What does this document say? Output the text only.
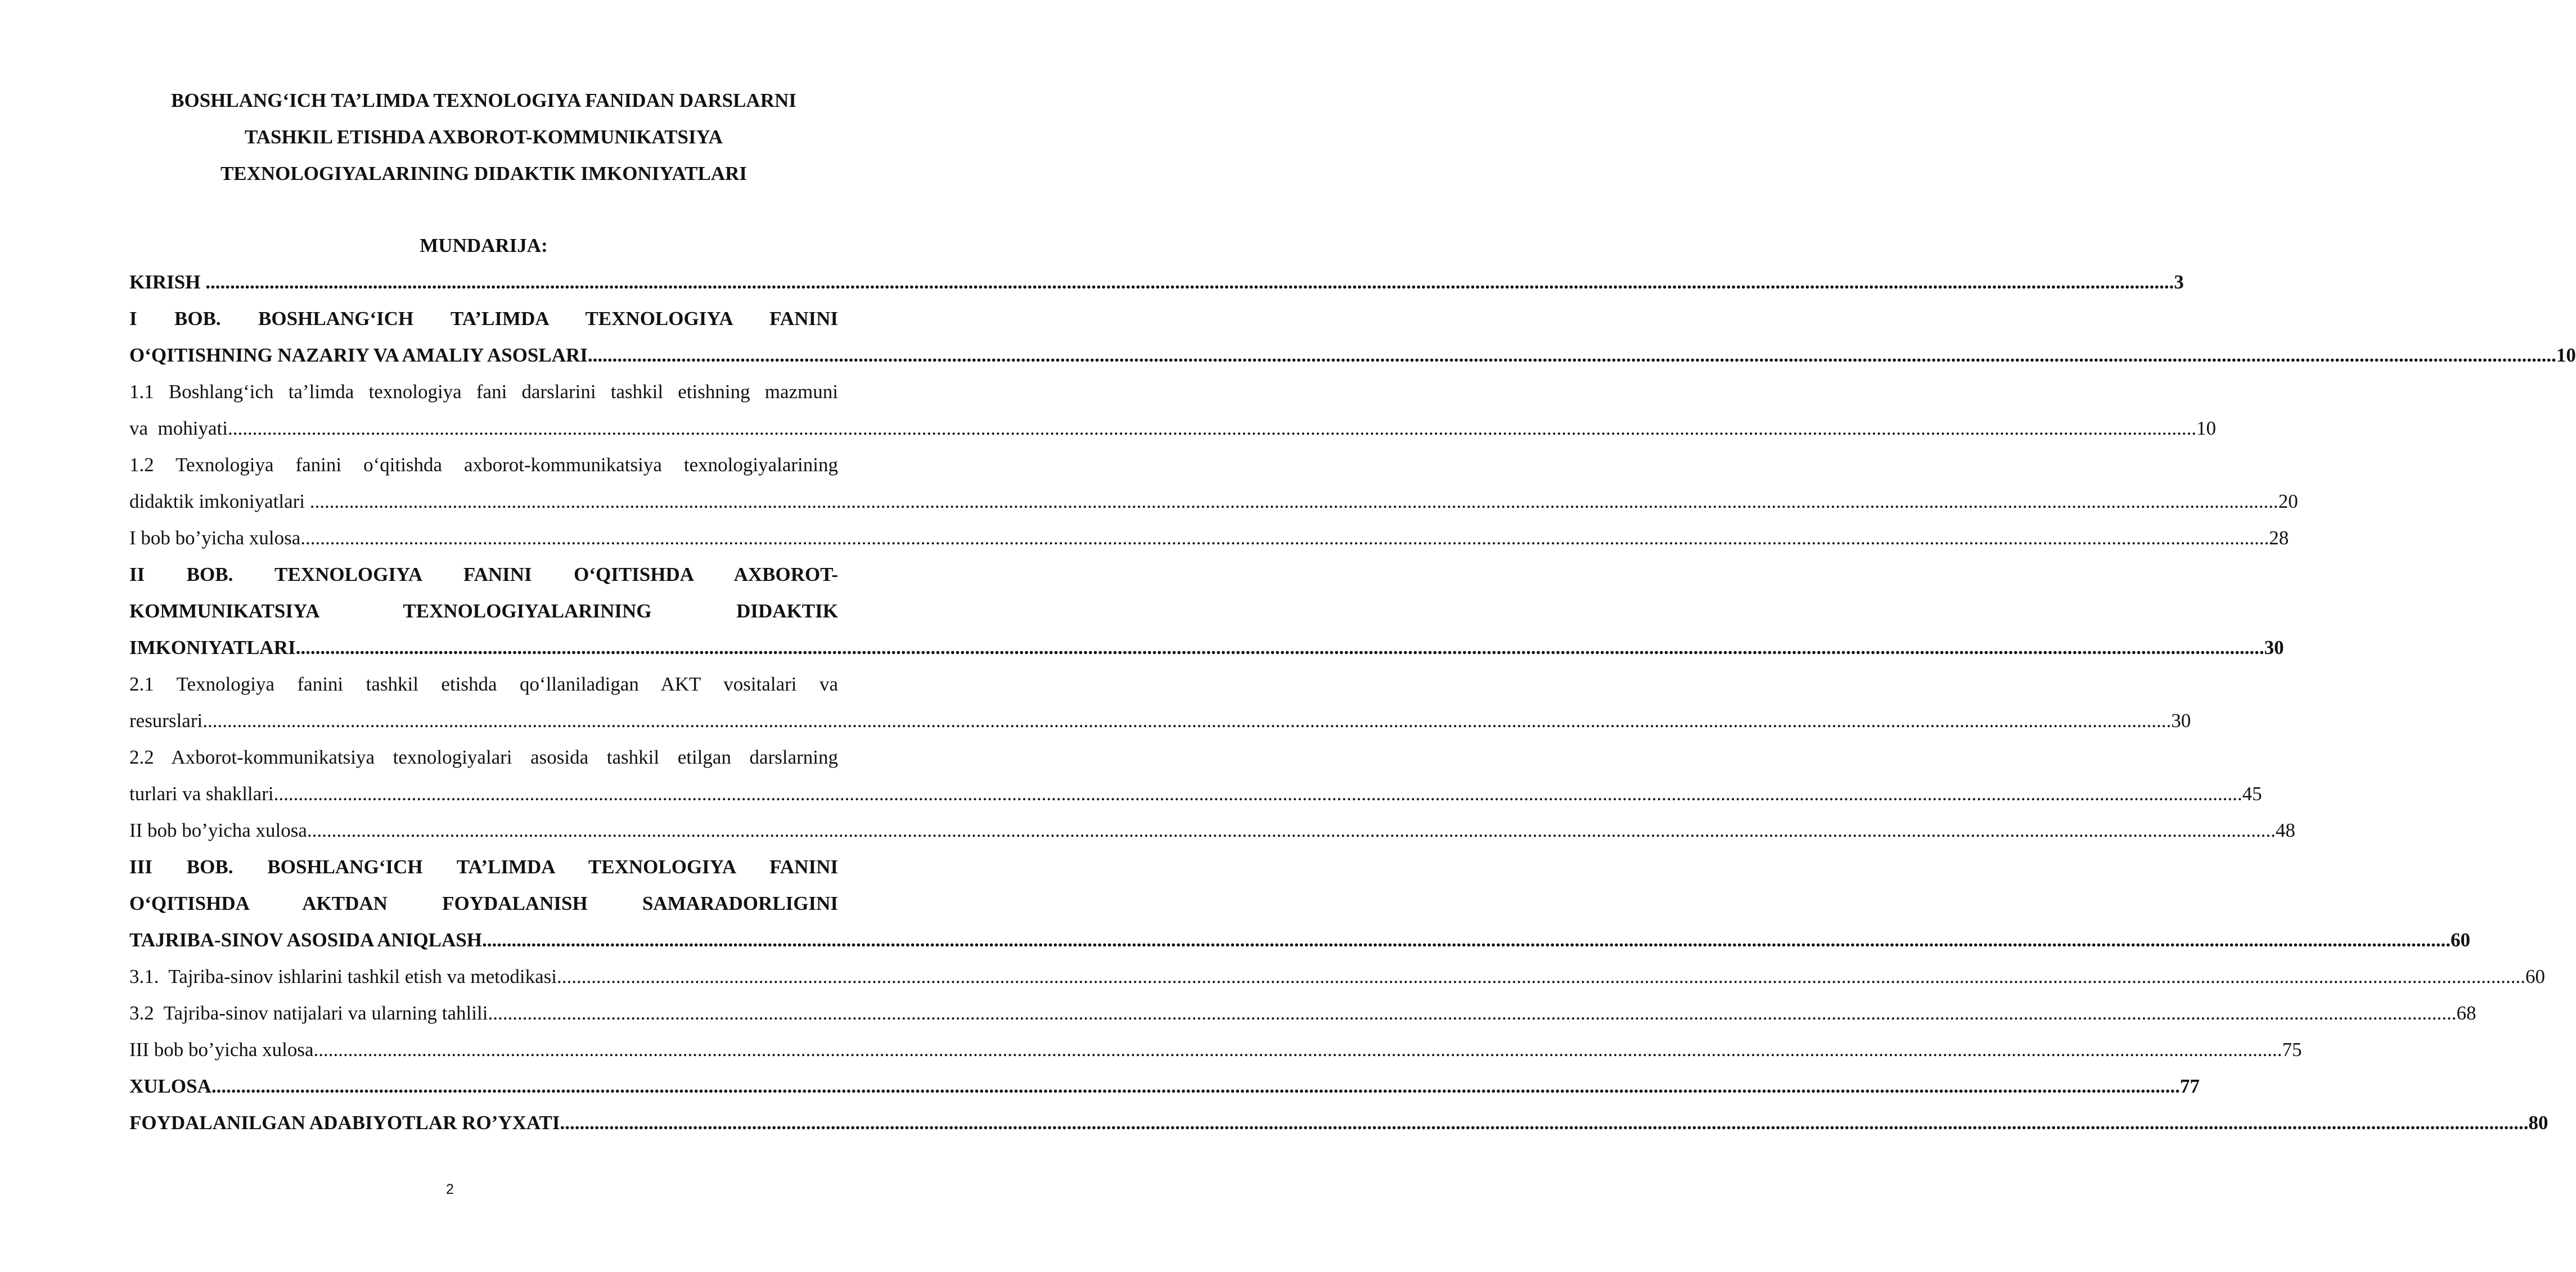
BOSHLANG‘ICH TA’LIMDA TEXNOLOGIYA FANIDAN DARSLARNI
TASHKIL ETISHDA AXBOROT-KOMMUNIKATSIYA
TEXNOLOGIYALARINING DIDAKTIK IMKONIYATLARI
MUNDARIJA:
KIRISH ................................................................................................................................................................................................................................................................................................................................................................................................................ 3
I BOB. BOSHLANG‘ICH TA’LIMDA TEXNOLOGIYA FANINI
O‘QITISHNING NAZARIY VA AMALIY ASOSLARI ................................................................................................................................................................................................................................................................................................................................................................................................................ 10
1.1 Boshlang‘ich ta’limda texnologiya fani darslarini tashkil etishning mazmuni
va  mohiyati ................................................................................................................................................................................................................................................................................................................................................................................................................ 10
1.2 Texnologiya fanini o‘qitishda axborot-kommunikatsiya texnologiyalarining
didaktik imkoniyatlari ................................................................................................................................................................................................................................................................................................................................................................................................................ 20
I bob bo’yicha xulosa ................................................................................................................................................................................................................................................................................................................................................................................................................ 28
II BOB. TEXNOLOGIYA FANINI O‘QITISHDA AXBOROT-
KOMMUNIKATSIYA TEXNOLOGIYALARINING DIDAKTIK
IMKONIYATLARI ................................................................................................................................................................................................................................................................................................................................................................................................................ 30
2.1 Texnologiya fanini tashkil etishda qo‘llaniladigan AKT vositalari va
resurslari ................................................................................................................................................................................................................................................................................................................................................................................................................ 30
2.2 Axborot-kommunikatsiya texnologiyalari asosida tashkil etilgan darslarning
turlari va shakllari ................................................................................................................................................................................................................................................................................................................................................................................................................ 45
II bob bo’yicha xulosa ................................................................................................................................................................................................................................................................................................................................................................................................................ 48
III BOB. BOSHLANG‘ICH TA’LIMDA TEXNOLOGIYA FANINI
O‘QITISHDA AKTDAN FOYDALANISH SAMARADORLIGINI
TAJRIBA-SINOV ASOSIDA ANIQLASH ................................................................................................................................................................................................................................................................................................................................................................................................................ 60
3.1.  Tajriba-sinov ishlarini tashkil etish va metodikasi ................................................................................................................................................................................................................................................................................................................................................................................................................ 60
3.2  Tajriba-sinov natijalari va ularning tahlili ................................................................................................................................................................................................................................................................................................................................................................................................................ 68
III bob bo’yicha xulosa ................................................................................................................................................................................................................................................................................................................................................................................................................ 75
XULOSA ................................................................................................................................................................................................................................................................................................................................................................................................................ 77
FOYDALANILGAN ADABIYOTLAR RO’YXATI ................................................................................................................................................................................................................................................................................................................................................................................................................ 80
2
